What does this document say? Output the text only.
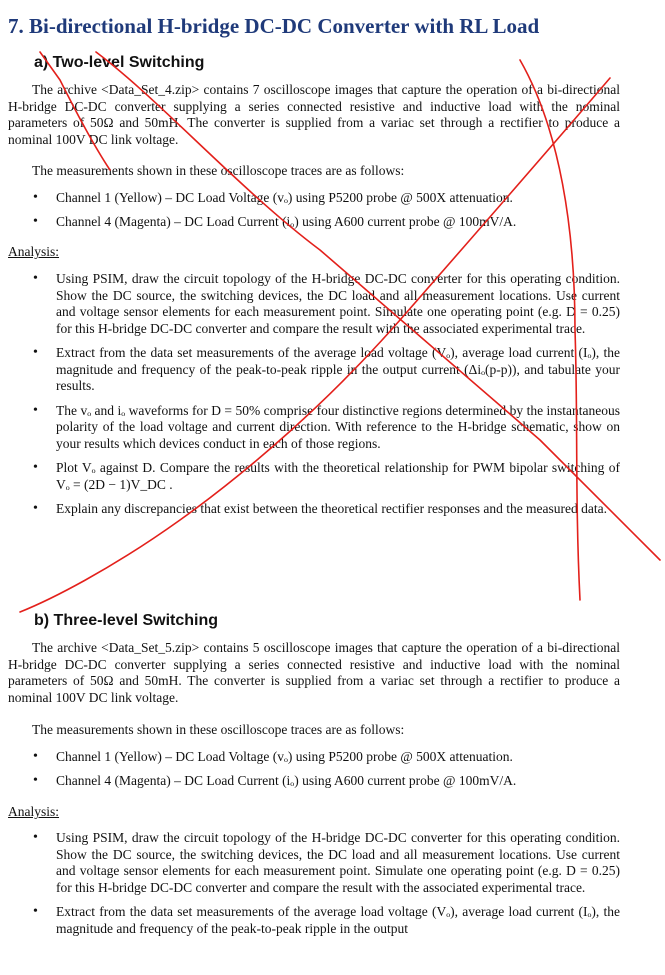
7. Bi-directional H-bridge DC-DC Converter with RL Load
a) Two-level Switching

The archive <Data_Set_4.zip> contains 7 oscilloscope images that capture the operation of a bi-directional H-bridge DC-DC converter supplying a series connected resistive and inductive load with the nominal parameters of 50Ω and 50mH. The converter is supplied from a variac set through a rectifier to produce a nominal 100V DC link voltage.

The measurements shown in these oscilloscope traces are as follows:

• Channel 1 (Yellow) – DC Load Voltage (vₒ) using P5200 probe @ 500X attenuation.
• Channel 4 (Magenta) – DC Load Current (iₒ) using A600 current probe @ 100mV/A.

Analysis:

• Using PSIM, draw the circuit topology of the H-bridge DC-DC converter for this operating condition. Show the DC source, the switching devices, the DC load and all measurement locations. Use current and voltage sensor elements for each measurement point. Simulate one operating point (e.g. D = 0.25) for this H-bridge DC-DC converter and compare the result with the associated experimental trace.
• Extract from the data set measurements of the average load voltage (Vₒ), average load current (Iₒ), the magnitude and frequency of the peak-to-peak ripple in the output current (Δiₒ(p-p)), and tabulate your results.
• The vₒ and iₒ waveforms for D = 50% comprise four distinctive regions determined by the instantaneous polarity of the load voltage and current direction. With reference to the H-bridge schematic, show on your results which devices conduct in each of those regions.
• Plot Vₒ against D. Compare the results with the theoretical relationship for PWM bipolar switching of Vₒ = (2D − 1)V_DC .
• Explain any discrepancies that exist between the theoretical rectifier responses and the measured data.
b) Three-level Switching

The archive <Data_Set_5.zip> contains 5 oscilloscope images that capture the operation of a bi-directional H-bridge DC-DC converter supplying a series connected resistive and inductive load with the nominal parameters of 50Ω and 50mH. The converter is supplied from a variac set through a rectifier to produce a nominal 100V DC link voltage.

The measurements shown in these oscilloscope traces are as follows:

• Channel 1 (Yellow) – DC Load Voltage (vₒ) using P5200 probe @ 500X attenuation.
• Channel 4 (Magenta) – DC Load Current (iₒ) using A600 current probe @ 100mV/A.

Analysis:

• Using PSIM, draw the circuit topology of the H-bridge DC-DC converter for this operating condition. Show the DC source, the switching devices, the DC load and all measurement locations. Use current and voltage sensor elements for each measurement point. Simulate one operating point (e.g. D = 0.25) for this H-bridge DC-DC converter and compare the result with the associated experimental trace.
• Extract from the data set measurements of the average load voltage (Vₒ), average load current (Iₒ), the magnitude and frequency of the peak-to-peak ripple in the output
